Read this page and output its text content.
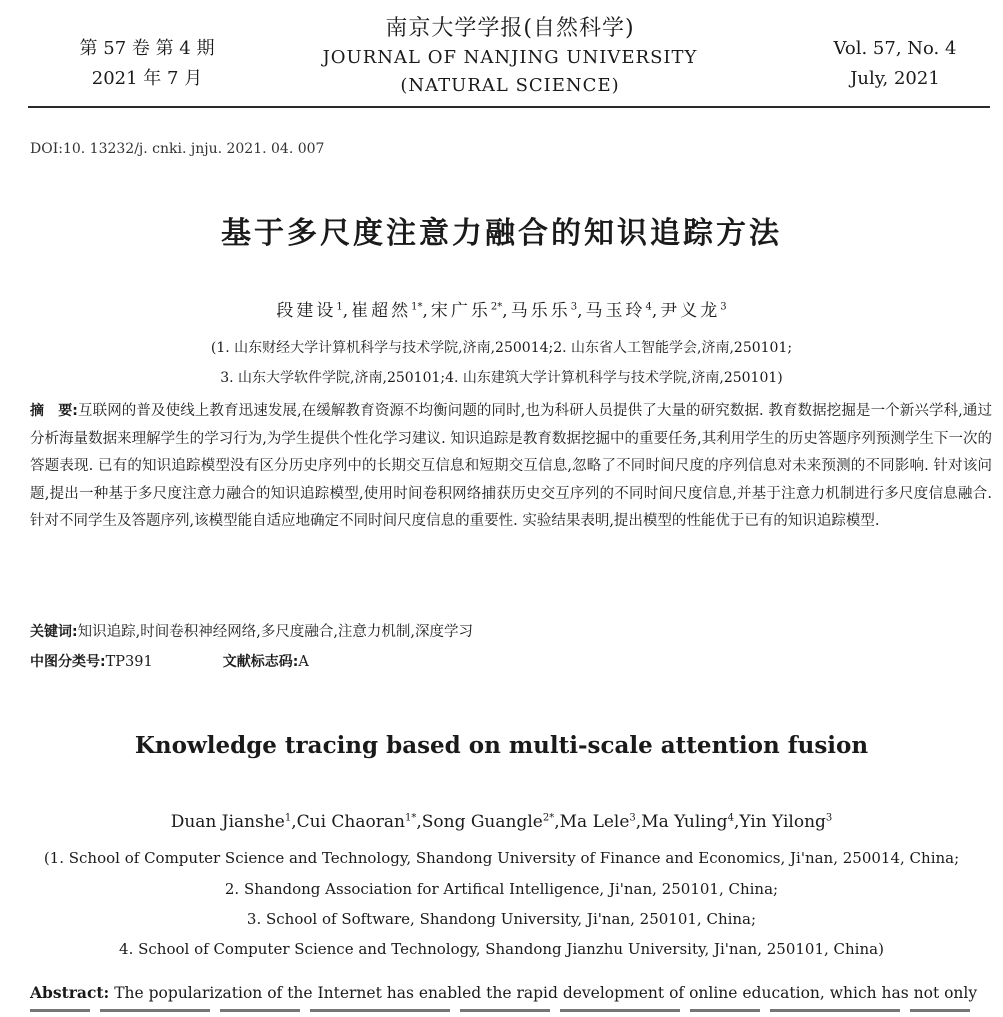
第 57 卷 第 4 期
2021 年 7 月
南京大学学报(自然科学)
JOURNAL OF NANJING UNIVERSITY
(NATURAL SCIENCE)
Vol. 57, No. 4
July, 2021
DOI:10. 13232/j. cnki. jnju. 2021. 04. 007
基于多尺度注意力融合的知识追踪方法
段建设$^1$,崔超然$^{1*}$,宋广乐$^{2*}$,马乐乐$^3$,马玉玲$^4$,尹义龙$^3$
(1. 山东财经大学计算机科学与技术学院,济南,250014;2. 山东省人工智能学会,济南,250101;
3. 山东大学软件学院,济南,250101;4. 山东建筑大学计算机科学与技术学院,济南,250101)
摘　要:互联网的普及使线上教育迅速发展,在缓解教育资源不均衡问题的同时,也为科研人员提供了大量的研究数据. 教育数据挖掘是一个新兴学科,通过分析海量数据来理解学生的学习行为,为学生提供个性化学习建议. 知识追踪是教育数据挖掘中的重要任务,其利用学生的历史答题序列预测学生下一次的答题表现. 已有的知识追踪模型没有区分历史序列中的长期交互信息和短期交互信息,忽略了不同时间尺度的序列信息对未来预测的不同影响. 针对该问题,提出一种基于多尺度注意力融合的知识追踪模型,使用时间卷积网络捕获历史交互序列的不同时间尺度信息,并基于注意力机制进行多尺度信息融合. 针对不同学生及答题序列,该模型能自适应地确定不同时间尺度信息的重要性. 实验结果表明,提出模型的性能优于已有的知识追踪模型.
关键词:知识追踪,时间卷积神经网络,多尺度融合,注意力机制,深度学习
中图分类号:TP391	文献标志码:A
Knowledge tracing based on multi-scale attention fusion
Duan Jianshe$^1$,Cui Chaoran$^{1*}$,Song Guangle$^{2*}$,Ma Lele$^3$,Ma Yuling$^4$,Yin Yilong$^3$
(1. School of Computer Science and Technology, Shandong University of Finance and Economics, Ji'nan, 250014, China;
2. Shandong Association for Artifical Intelligence, Ji'nan, 250101, China;
3. School of Software, Shandong University, Ji'nan, 250101, China;
4. School of Computer Science and Technology, Shandong Jianzhu University, Ji'nan, 250101, China)
Abstract: The popularization of the Internet has enabled the rapid development of online education, which has not only
